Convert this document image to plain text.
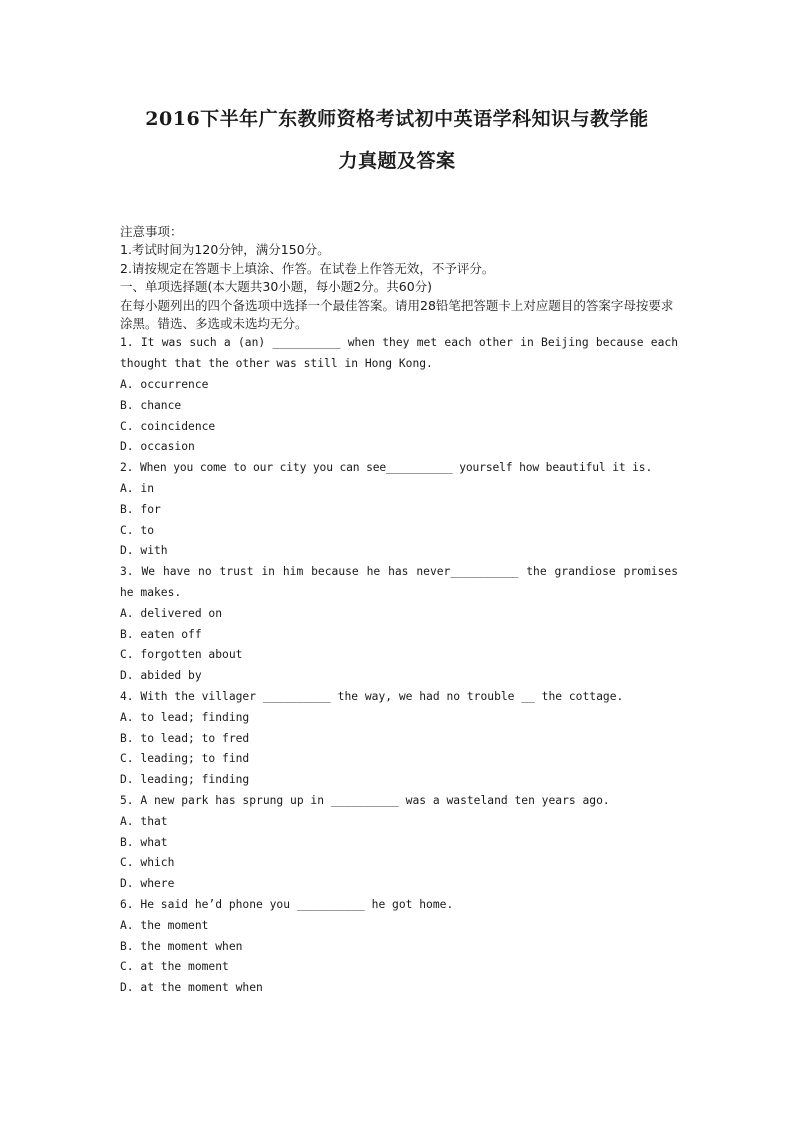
2016下半年广东教师资格考试初中英语学科知识与教学能
力真题及答案

注意事项：

1.考试时间为120分钟，满分150分。

2.请按规定在答题卡上填涂、作答。在试卷上作答无效，不予评分。

一、单项选择题(本大题共30小题，每小题2分。共60分)

在每小题列出的四个备选项中选择一个最佳答案。请用28铅笔把答题卡上对应题目的答案字母按要求涂黑。错选、多选或未选均无分。

1. It was such a (an) __________ when they met each other in Beijing because each thought that the other was still in Hong Kong.

A. occurrence

B. chance

C. coincidence

D. occasion

2. When you come to our city you can see__________ yourself how beautiful it is.

A. in

B. for

C. to

D. with

3. We have no trust in him because he has never__________ the grandiose promises he makes.

A. delivered on

B. eaten off

C. forgotten about

D. abided by

4. With the villager __________ the way, we had no trouble __ the cottage.

A. to lead; finding

B. to lead; to fred

C. leading; to find

D. leading; finding

5. A new park has sprung up in __________ was a wasteland ten years ago.

A. that

B. what

C. which

D. where

6. He said he’d phone you __________ he got home.

A. the moment

B. the moment when

C. at the moment

D. at the moment when
